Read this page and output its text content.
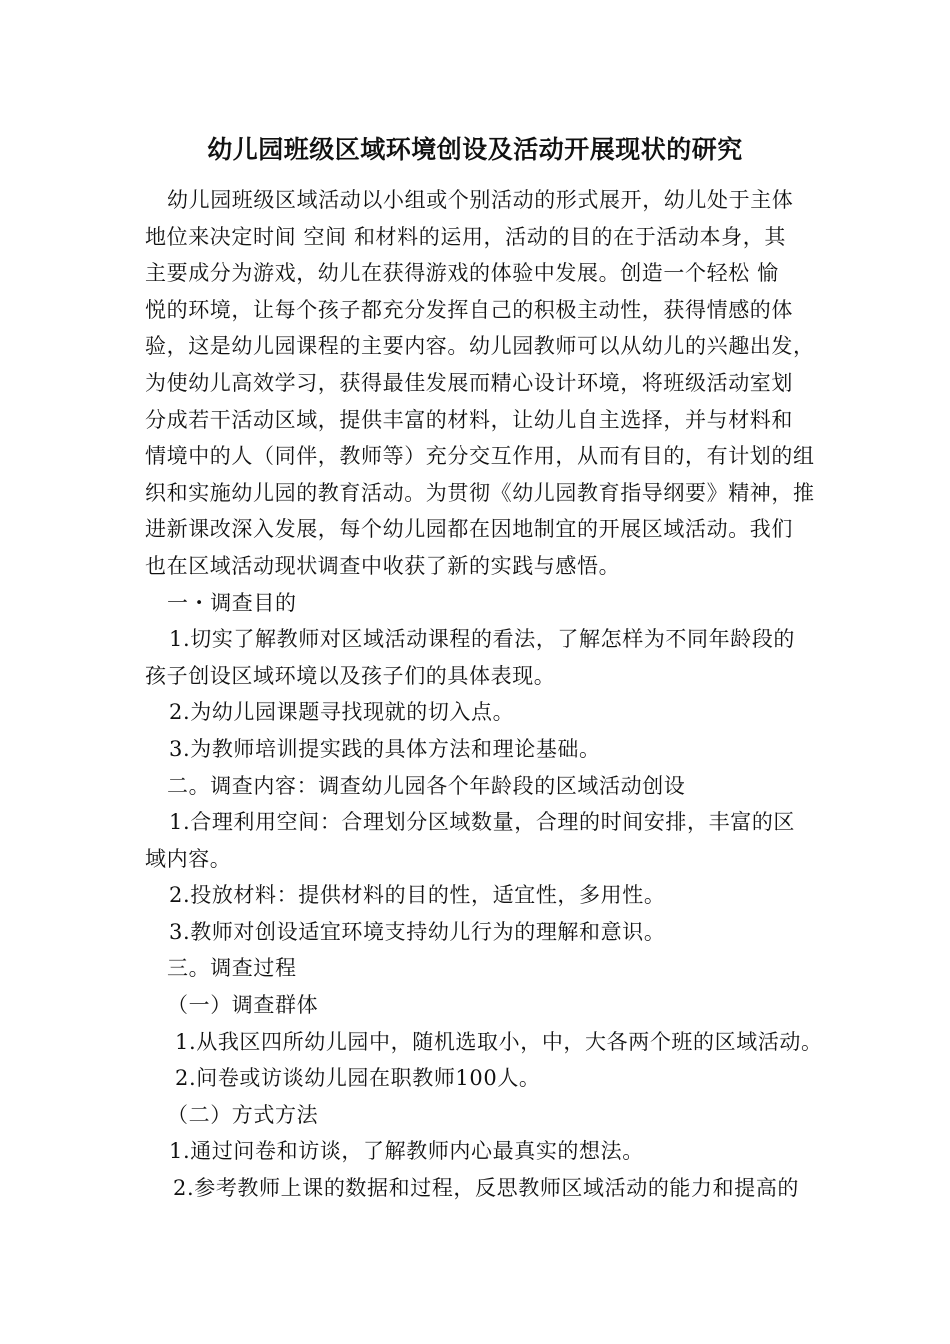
幼儿园班级区域环境创设及活动开展现状的研究
幼儿园班级区域活动以小组或个别活动的形式展开，幼儿处于主体
地位来决定时间 空间 和材料的运用，活动的目的在于活动本身，其
主要成分为游戏，幼儿在获得游戏的体验中发展。创造一个轻松 愉
悦的环境，让每个孩子都充分发挥自己的积极主动性，获得情感的体
验，这是幼儿园课程的主要内容。幼儿园教师可以从幼儿的兴趣出发，
为使幼儿高效学习，获得最佳发展而精心设计环境，将班级活动室划
分成若干活动区域，提供丰富的材料，让幼儿自主选择，并与材料和
情境中的人（同伴，教师等）充分交互作用，从而有目的，有计划的组
织和实施幼儿园的教育活动。为贯彻《幼儿园教育指导纲要》精神，推
进新课改深入发展，每个幼儿园都在因地制宜的开展区域活动。我们
也在区域活动现状调查中收获了新的实践与感悟。
一・调查目的
1.切实了解教师对区域活动课程的看法，了解怎样为不同年龄段的
孩子创设区域环境以及孩子们的具体表现。
2.为幼儿园课题寻找现就的切入点。
3.为教师培训提实践的具体方法和理论基础。
二。调查内容：调查幼儿园各个年龄段的区域活动创设
1.合理利用空间：合理划分区域数量，合理的时间安排，丰富的区
域内容。
2.投放材料：提供材料的目的性，适宜性，多用性。
3.教师对创设适宜环境支持幼儿行为的理解和意识。
三。调查过程
（一）调查群体
1.从我区四所幼儿园中，随机选取小，中，大各两个班的区域活动。
2.问卷或访谈幼儿园在职教师100人。
（二）方式方法
1.通过问卷和访谈，了解教师内心最真实的想法。
2.参考教师上课的数据和过程，反思教师区域活动的能力和提高的
